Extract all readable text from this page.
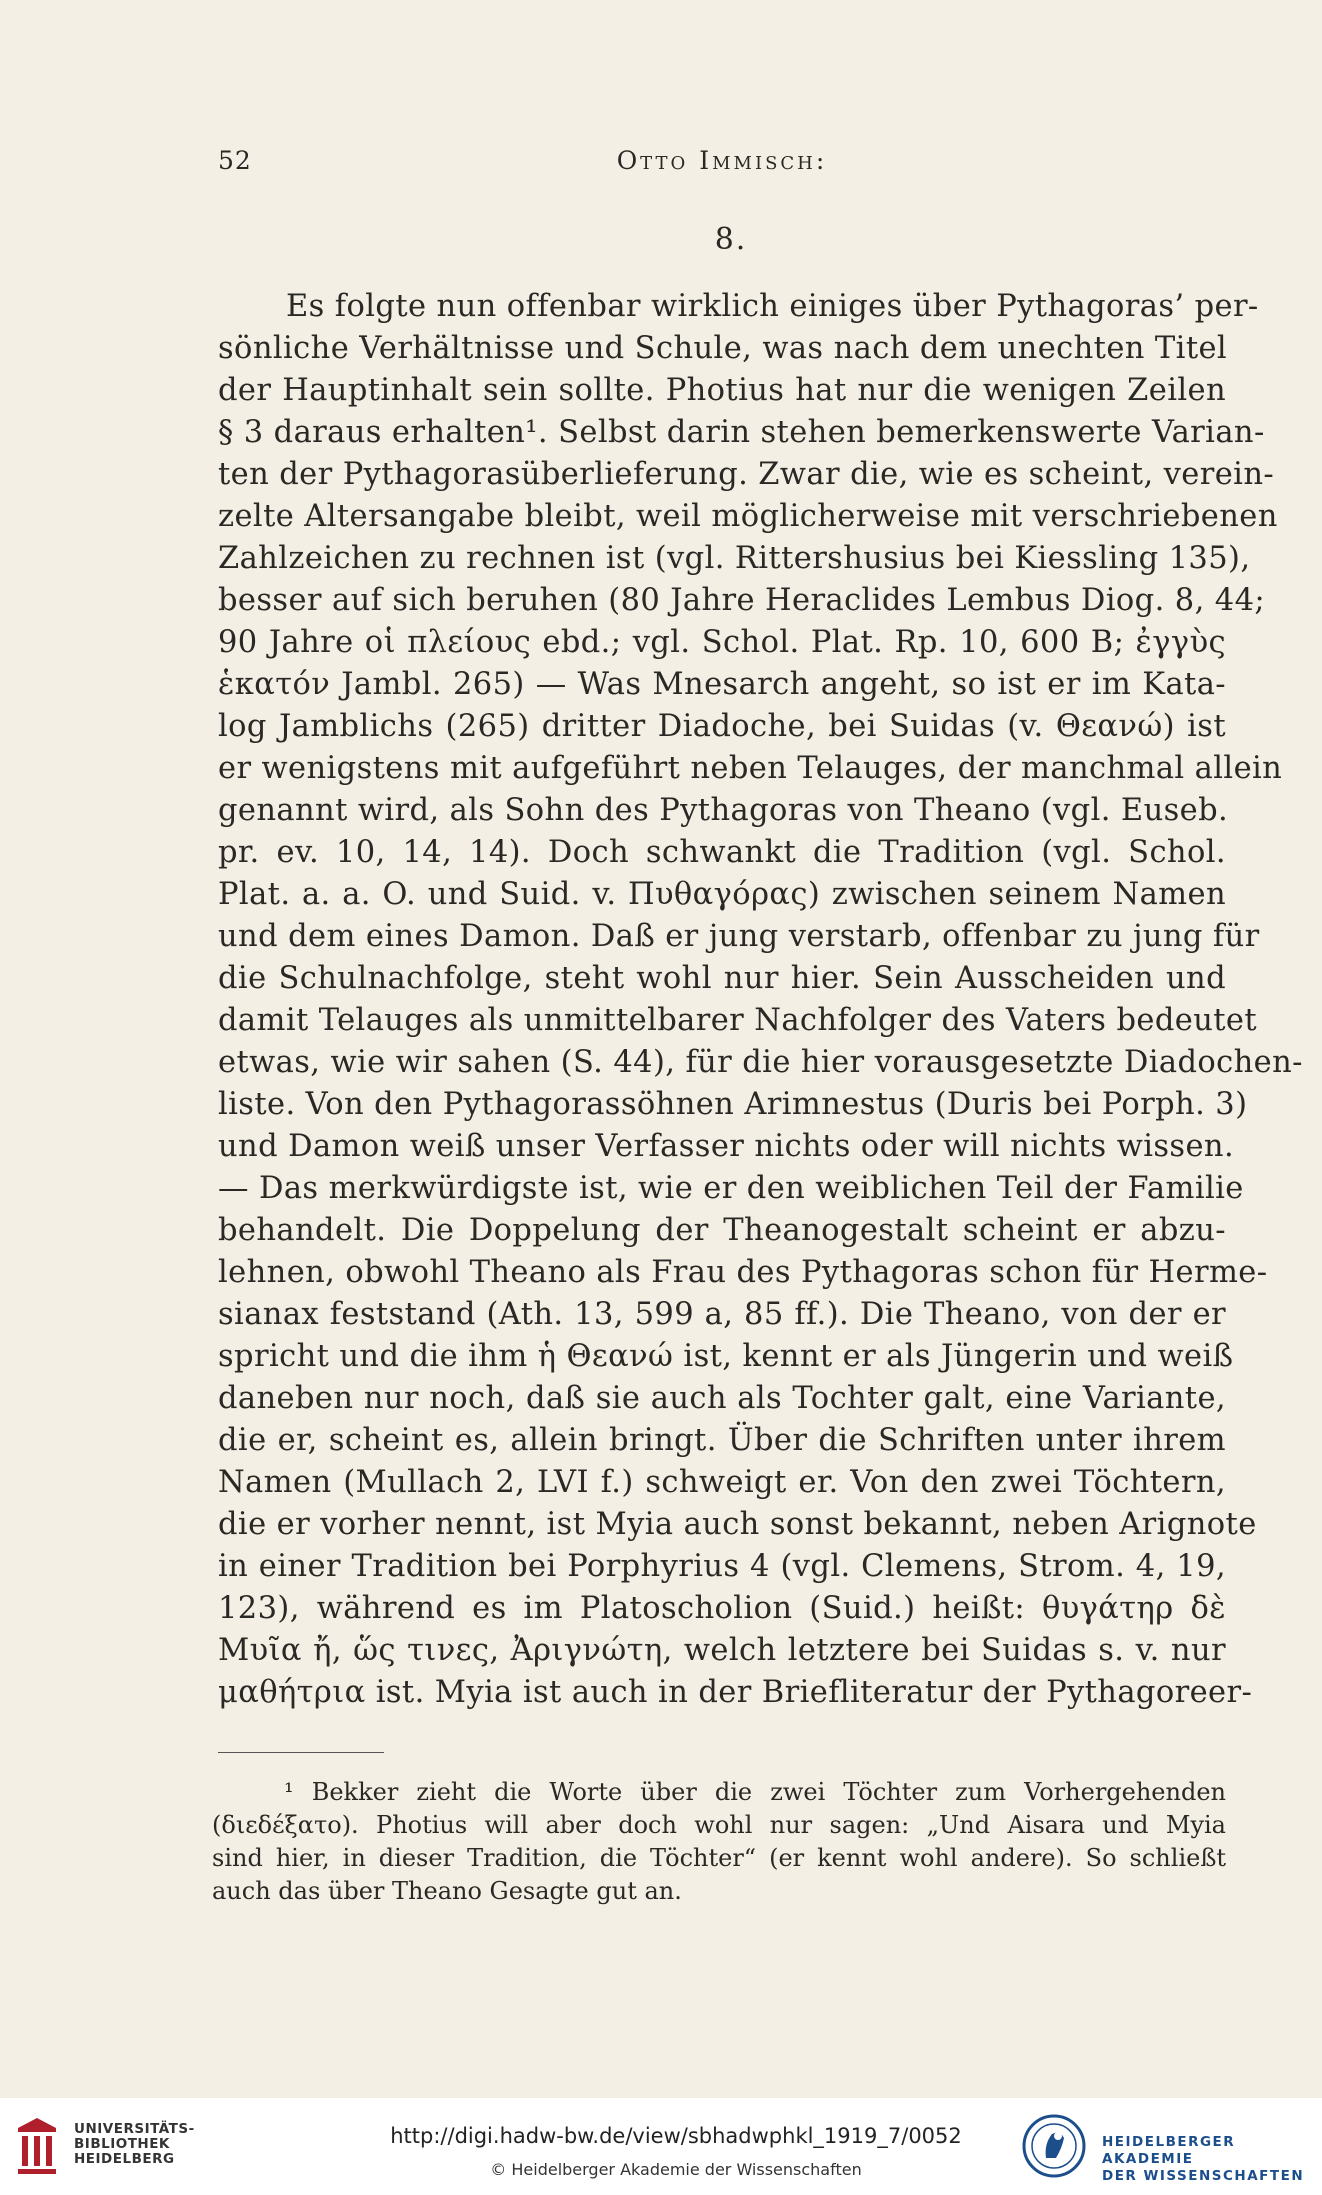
52	Otto Immisch:
8.
Es folgte nun offenbar wirklich einiges über Pythagoras’ per-
sönliche Verhältnisse und Schule, was nach dem unechten Titel
der Hauptinhalt sein sollte. Photius hat nur die wenigen Zeilen
§ 3 daraus erhalten¹. Selbst darin stehen bemerkenswerte Varian-
ten der Pythagorasüberlieferung. Zwar die, wie es scheint, verein-
zelte Altersangabe bleibt, weil möglicherweise mit verschriebenen
Zahlzeichen zu rechnen ist (vgl. Rittershusius bei Kiessling 135),
besser auf sich beruhen (80 Jahre Heraclides Lembus Diog. 8, 44;
90 Jahre οἱ πλείους ebd.; vgl. Schol. Plat. Rp. 10, 600 B; ἐγγὺς
ἑκατόν Jambl. 265) — Was Mnesarch angeht, so ist er im Kata-
log Jamblichs (265) dritter Diadoche, bei Suidas (v. Θεανώ) ist
er wenigstens mit aufgeführt neben Telauges, der manchmal allein
genannt wird, als Sohn des Pythagoras von Theano (vgl. Euseb.
pr. ev. 10, 14, 14). Doch schwankt die Tradition (vgl. Schol.
Plat. a. a. O. und Suid. v. Πυθαγόρας) zwischen seinem Namen
und dem eines Damon. Daß er jung verstarb, offenbar zu jung für
die Schulnachfolge, steht wohl nur hier. Sein Ausscheiden und
damit Telauges als unmittelbarer Nachfolger des Vaters bedeutet
etwas, wie wir sahen (S. 44), für die hier vorausgesetzte Diadochen-
liste. Von den Pythagorassöhnen Arimnestus (Duris bei Porph. 3)
und Damon weiß unser Verfasser nichts oder will nichts wissen.
— Das merkwürdigste ist, wie er den weiblichen Teil der Familie
behandelt. Die Doppelung der Theanogestalt scheint er abzu-
lehnen, obwohl Theano als Frau des Pythagoras schon für Herme-
sianax feststand (Ath. 13, 599 a, 85 ff.). Die Theano, von der er
spricht und die ihm ἡ Θεανώ ist, kennt er als Jüngerin und weiß
daneben nur noch, daß sie auch als Tochter galt, eine Variante,
die er, scheint es, allein bringt. Über die Schriften unter ihrem
Namen (Mullach 2, LVI f.) schweigt er. Von den zwei Töchtern,
die er vorher nennt, ist Myia auch sonst bekannt, neben Arignote
in einer Tradition bei Porphyrius 4 (vgl. Clemens, Strom. 4, 19,
123), während es im Platoscholion (Suid.) heißt: θυγάτηρ δὲ
Μυῖα ἤ, ὥς τινες, Ἀριγνώτη, welch letztere bei Suidas s. v. nur
μαθήτρια ist. Myia ist auch in der Briefliteratur der Pythagoreer-
¹ Bekker zieht die Worte über die zwei Töchter zum Vorhergehenden
(διεδέξατο). Photius will aber doch wohl nur sagen: „Und Aisara und Myia
sind hier, in dieser Tradition, die Töchter“ (er kennt wohl andere). So schließt
auch das über Theano Gesagte gut an.
UNIVERSITÄTS-
BIBLIOTHEK
HEIDELBERG
http://digi.hadw-bw.de/view/sbhadwphkl_1919_7/0052
© Heidelberger Akademie der Wissenschaften
HEIDELBERGER AKADEMIE
DER WISSENSCHAFTEN
